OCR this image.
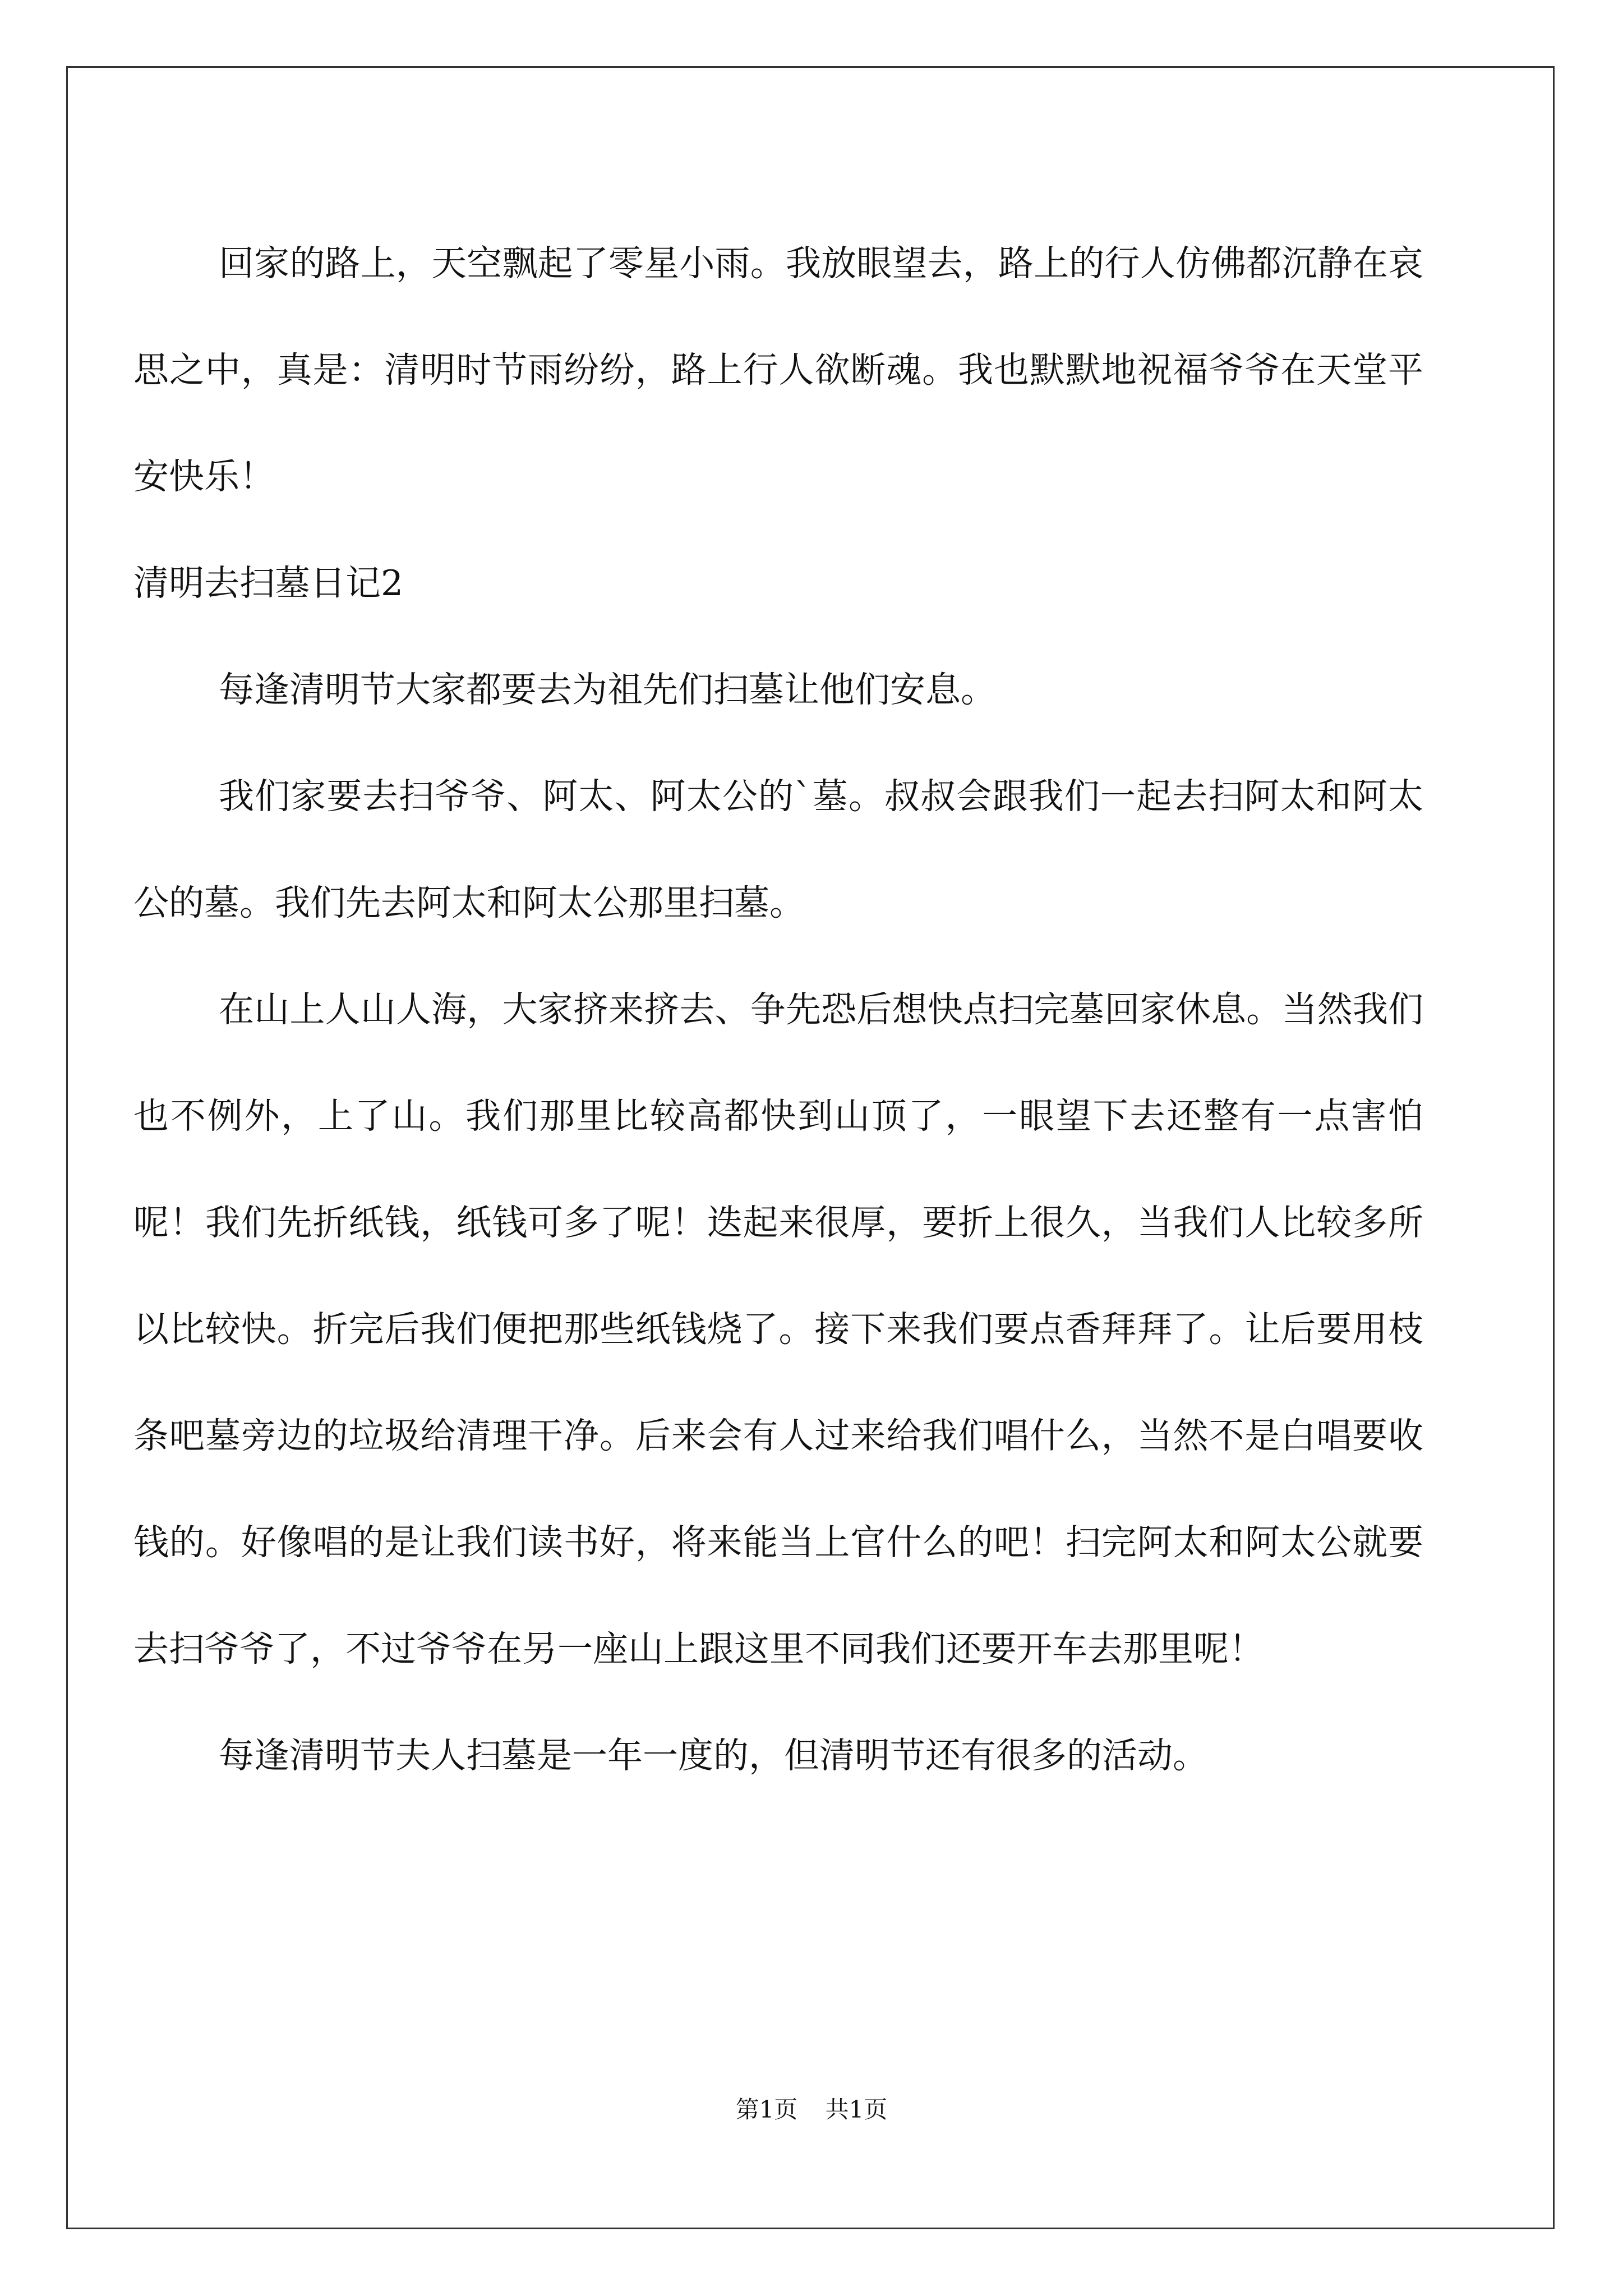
回家的路上，天空飘起了零星小雨。我放眼望去，路上的行人仿佛都沉静在哀思之中，真是：清明时节雨纷纷，路上行人欲断魂。我也默默地祝福爷爷在天堂平安快乐！

清明去扫墓日记2

每逢清明节大家都要去为祖先们扫墓让他们安息。

我们家要去扫爷爷、阿太、阿太公的`墓。叔叔会跟我们一起去扫阿太和阿太公的墓。我们先去阿太和阿太公那里扫墓。

在山上人山人海，大家挤来挤去、争先恐后想快点扫完墓回家休息。当然我们也不例外，上了山。我们那里比较高都快到山顶了，一眼望下去还整有一点害怕呢！我们先折纸钱，纸钱可多了呢！迭起来很厚，要折上很久，当我们人比较多所以比较快。折完后我们便把那些纸钱烧了。接下来我们要点香拜拜了。让后要用枝条吧墓旁边的垃圾给清理干净。后来会有人过来给我们唱什么，当然不是白唱要收钱的。好像唱的是让我们读书好，将来能当上官什么的吧！扫完阿太和阿太公就要去扫爷爷了，不过爷爷在另一座山上跟这里不同我们还要开车去那里呢！

每逢清明节夫人扫墓是一年一度的，但清明节还有很多的活动。

第1页 共1页
